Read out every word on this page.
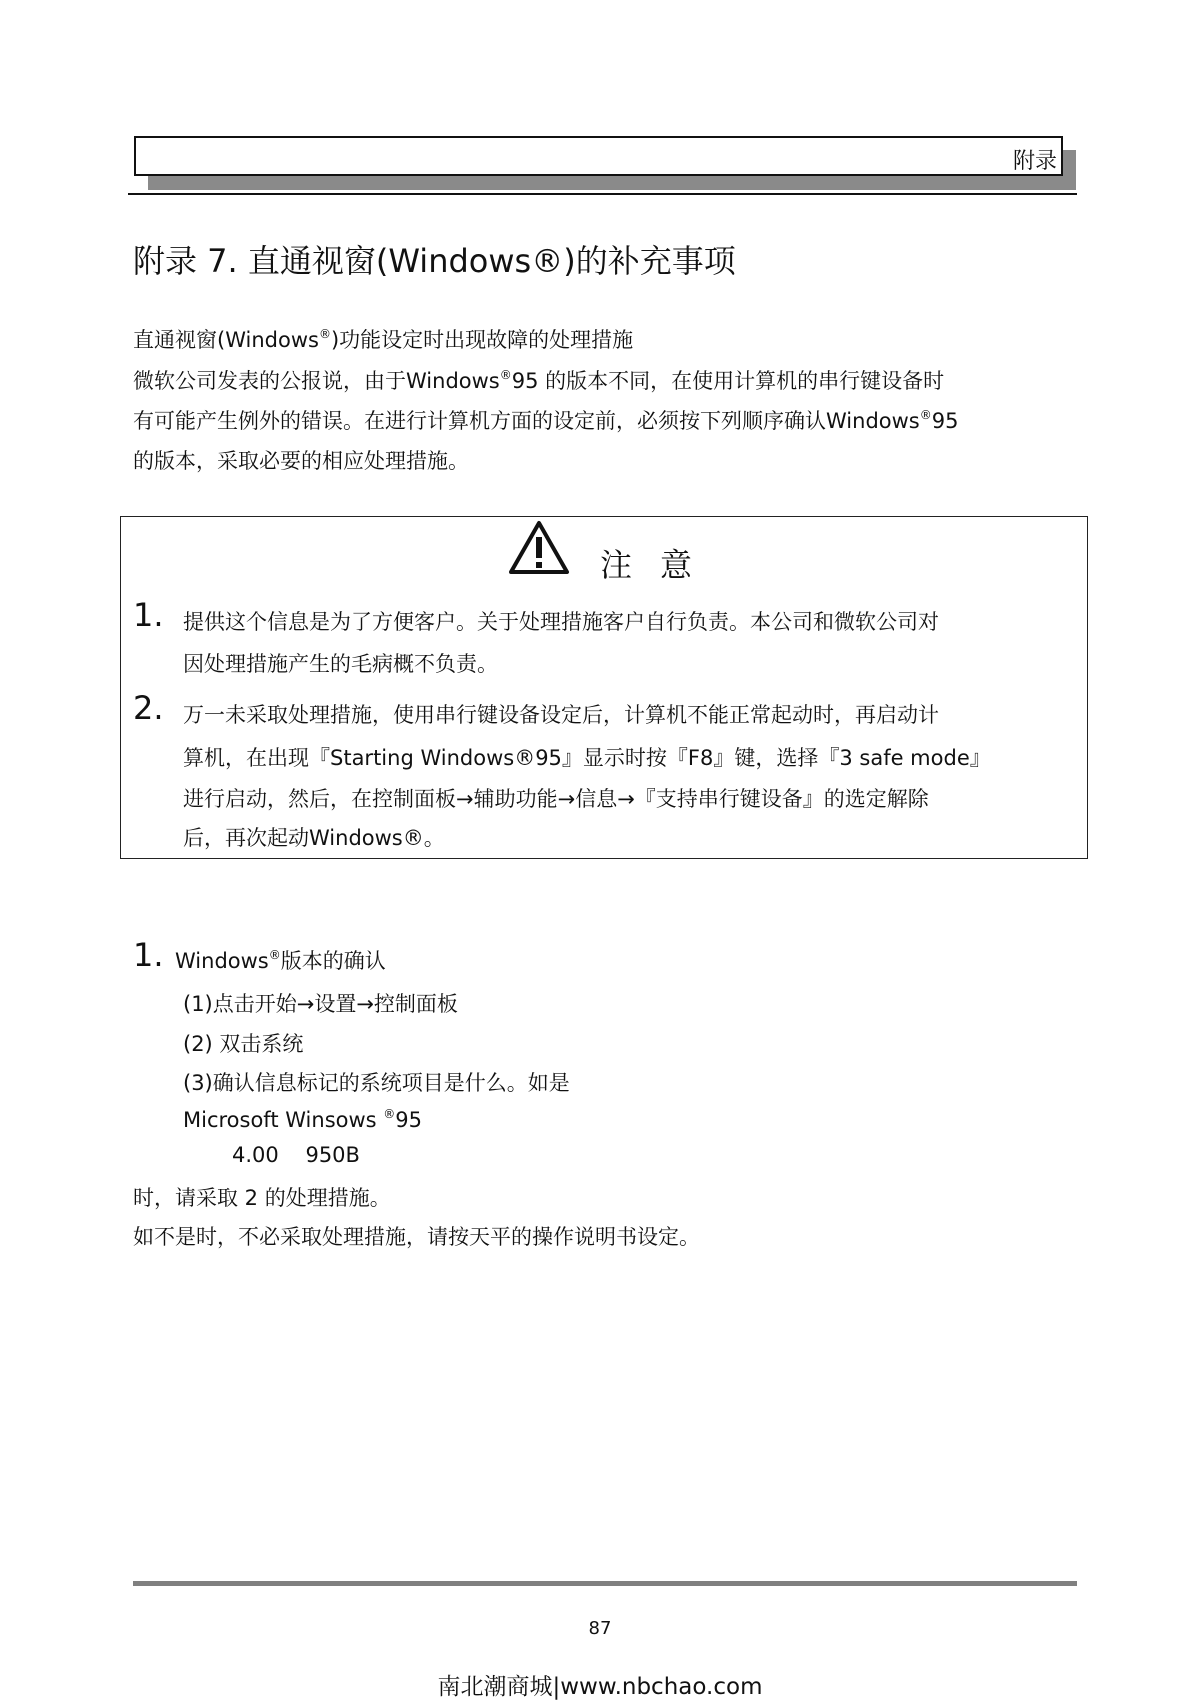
附录
附录 7. 直通视窗(Windows®)的补充事项
直通视窗(Windows®)功能设定时出现故障的处理措施
微软公司发表的公报说，由于Windows®95 的版本不同，在使用计算机的串行键设备时
有可能产生例外的错误。在进行计算机方面的设定前，必须按下列顺序确认Windows®95
的版本，采取必要的相应处理措施。
注意
1. 提供这个信息是为了方便客户。关于处理措施客户自行负责。本公司和微软公司对
因处理措施产生的毛病概不负责。
2. 万一未采取处理措施，使用串行键设备设定后，计算机不能正常起动时，再启动计
算机，在出现『Starting Windows®95』显示时按『F8』键，选择『3 safe mode』
进行启动，然后，在控制面板→辅助功能→信息→『支持串行键设备』的选定解除
后，再次起动Windows®。
1. Windows®版本的确认
(1)点击开始→设置→控制面板
(2) 双击系统
(3)确认信息标记的系统项目是什么。如是
Microsoft Winsows ®95
4.00    950B
时，请采取 2 的处理措施。
如不是时，不必采取处理措施，请按天平的操作说明书设定。
87
南北潮商城|www.nbchao.com
